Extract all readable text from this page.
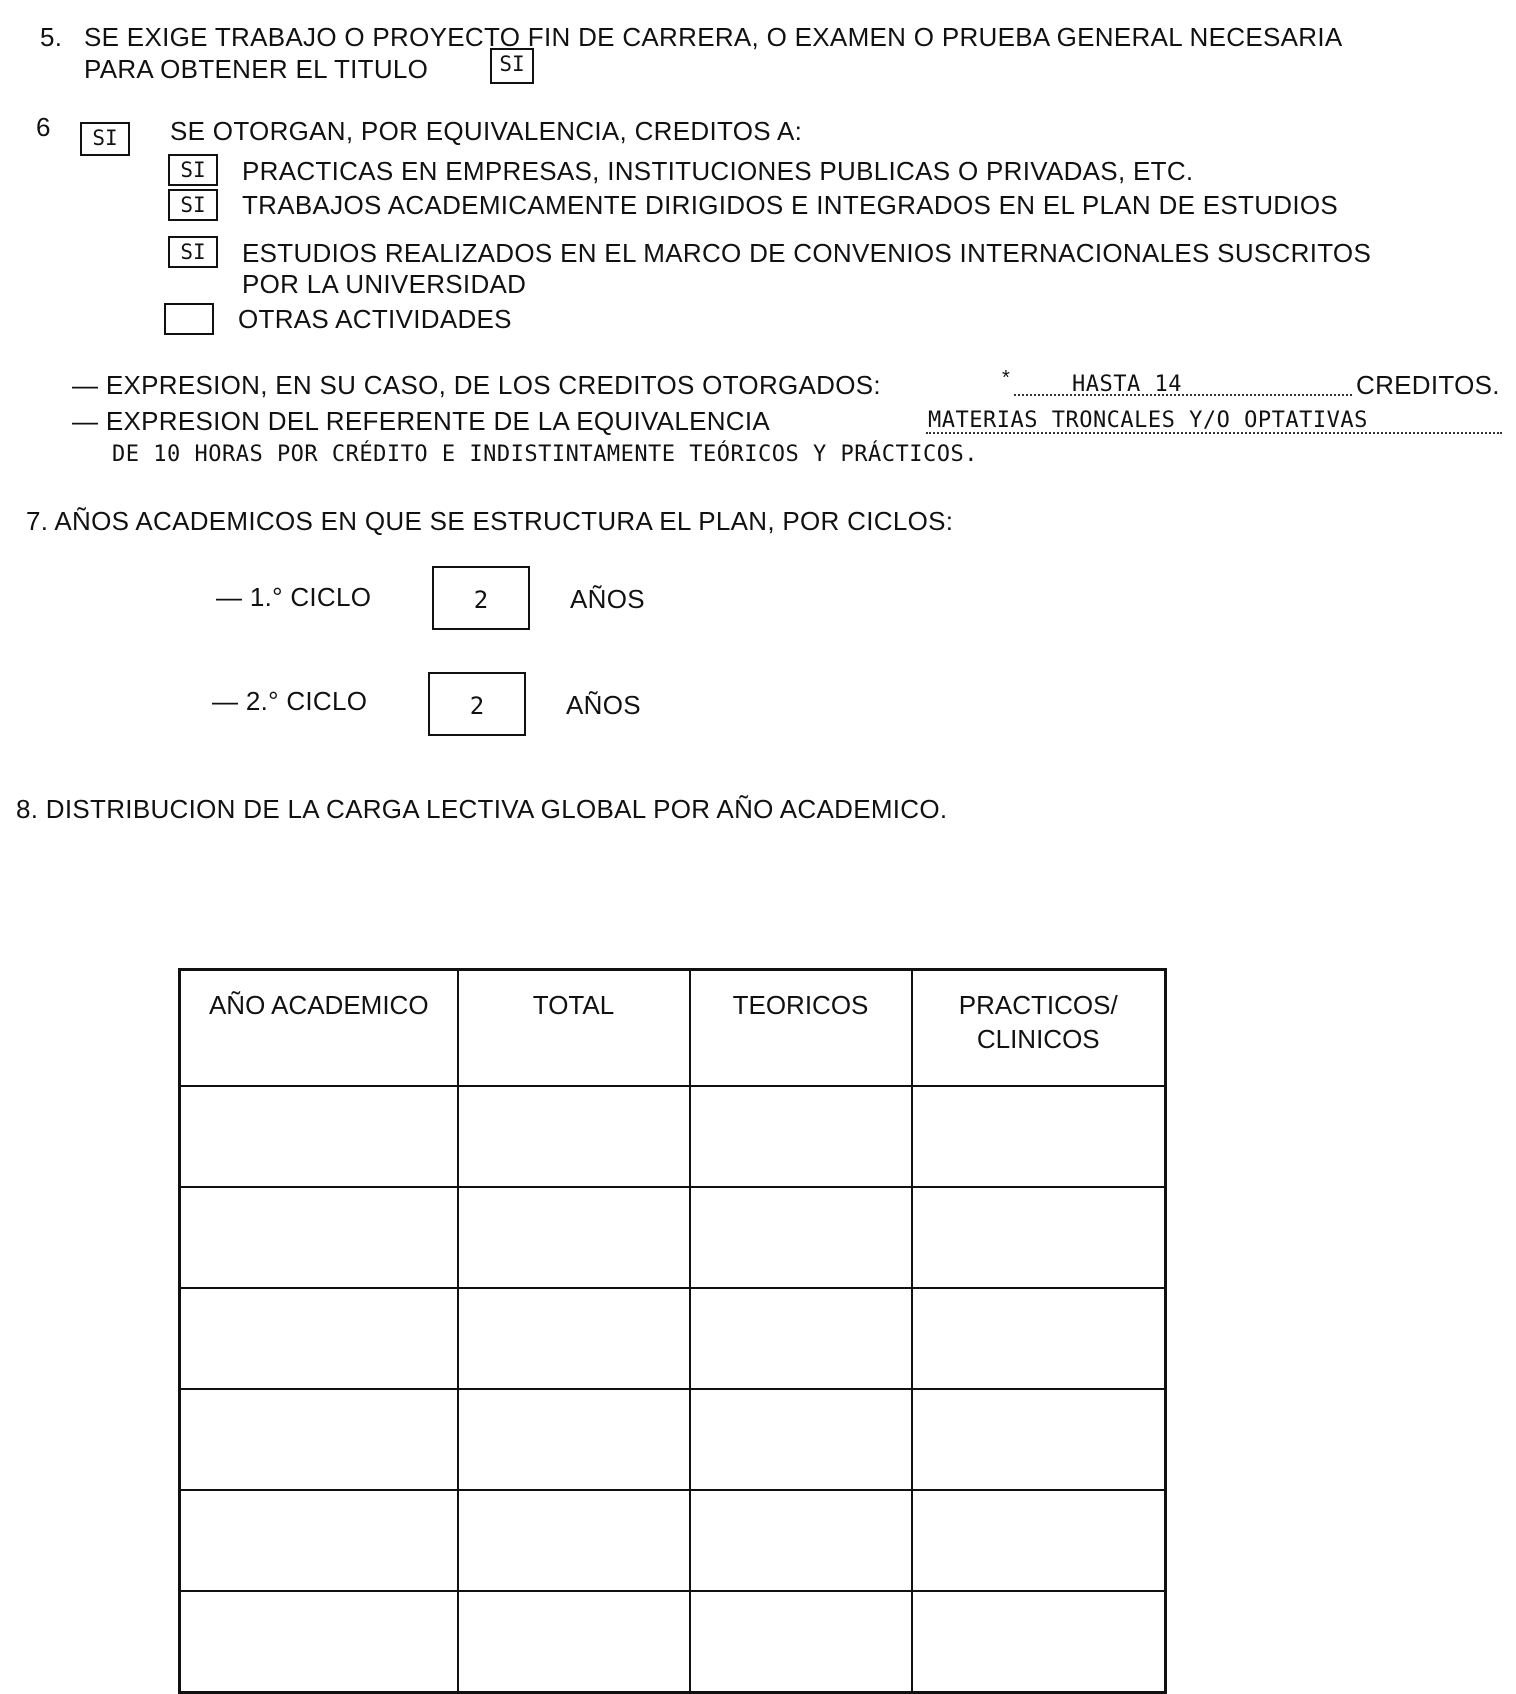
5. SE EXIGE TRABAJO O PROYECTO FIN DE CARRERA, O EXAMEN O PRUEBA GENERAL NECESARIA
PARA OBTENER EL TITULO	SI
6	SI	SE OTORGAN, POR EQUIVALENCIA, CREDITOS A:
SI	PRACTICAS EN EMPRESAS, INSTITUCIONES PUBLICAS O PRIVADAS, ETC.
SI	TRABAJOS ACADEMICAMENTE DIRIGIDOS E INTEGRADOS EN EL PLAN DE ESTUDIOS
SI	ESTUDIOS REALIZADOS EN EL MARCO DE CONVENIOS INTERNACIONALES SUSCRITOS
POR LA UNIVERSIDAD
OTRAS ACTIVIDADES
— EXPRESION, EN SU CASO, DE LOS CREDITOS OTORGADOS:	*	HASTA 14	CREDITOS.
— EXPRESION DEL REFERENTE DE LA EQUIVALENCIA	MATERIAS TRONCALES Y/O OPTATIVAS
DE 10 HORAS POR CRÉDITO E INDISTINTAMENTE TEÓRICOS Y PRÁCTICOS.
7. AÑOS ACADEMICOS EN QUE SE ESTRUCTURA EL PLAN, POR CICLOS:
— 1.° CICLO	2	AÑOS
— 2.° CICLO	2	AÑOS
8. DISTRIBUCION DE LA CARGA LECTIVA GLOBAL POR AÑO ACADEMICO.
AÑO ACADEMICO	TOTAL	TEORICOS	PRACTICOS/ CLINICOS
